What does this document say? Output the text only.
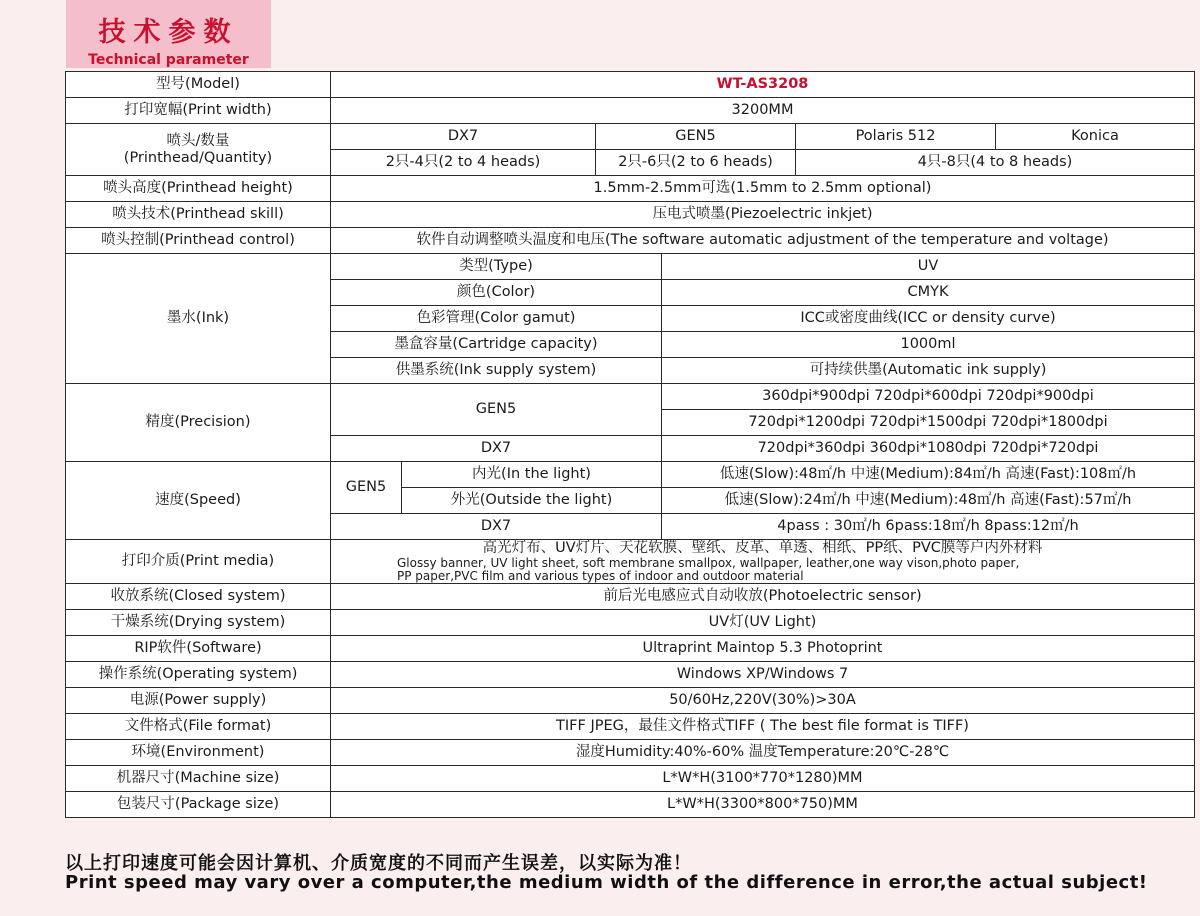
技术参数
Technical parameter
型号(Model)	WT-AS3208					
打印宽幅(Print width)	3200MM					
喷头/数量
(Printhead/Quantity)	DX7		GEN5		Polaris 512	Konica
	2只-4只(2 to 4 heads)		2只-6只(2 to 6 heads)		4只-8只(4 to 8 heads)	
喷头高度(Printhead height)	1.5mm-2.5mm可选(1.5mm to 2.5mm optional)					
喷头技术(Printhead skill)	压电式喷墨(Piezoelectric inkjet)					
喷头控制(Printhead control)	软件自动调整喷头温度和电压(The software automatic adjustment of the temperature and voltage)					
墨水(Ink)	类型(Type)			UV		
	颜色(Color)			CMYK		
	色彩管理(Color gamut)			ICC或密度曲线(ICC or density curve)		
	墨盒容量(Cartridge capacity)			1000ml		
	供墨系统(Ink supply system)			可持续供墨(Automatic ink supply)		
精度(Precision)	GEN5			360dpi*900dpi 720dpi*600dpi 720dpi*900dpi		
				720dpi*1200dpi 720dpi*1500dpi 720dpi*1800dpi		
	DX7			720dpi*360dpi 360dpi*1080dpi 720dpi*720dpi		
速度(Speed)	GEN5	内光(In the light)		低速(Slow):48㎡/h 中速(Medium):84㎡/h 高速(Fast):108㎡/h		
		外光(Outside the light)		低速(Slow):24㎡/h 中速(Medium):48㎡/h 高速(Fast):57㎡/h		
	DX7			4pass : 30㎡/h 6pass:18㎡/h 8pass:12㎡/h		
打印介质(Print media)	高光灯布、UV灯片、天花软膜、壁纸、皮革、单透、相纸、PP纸、PVC膜等户内外材料
Glossy banner, UV light sheet, soft membrane smallpox, wallpaper, leather,one way vison,photo paper,
PP paper,PVC film and various types of indoor and outdoor material					

收放系统(Closed system)	前后光电感应式自动收放(Photoelectric sensor)					
干燥系统(Drying system)	UV灯(UV Light)					
RIP软件(Software)	Ultraprint Maintop 5.3 Photoprint					
操作系统(Operating system)	Windows XP/Windows 7					
电源(Power supply)	50/60Hz,220V(30%)>30A					
文件格式(File format)	TIFF JPEG，最佳文件格式TIFF ( The best file format is TIFF)					
环境(Environment)	湿度Humidity:40%-60% 温度Temperature:20℃-28℃					
机器尺寸(Machine size)	L*W*H(3100*770*1280)MM					
包装尺寸(Package size)	L*W*H(3300*800*750)MM					
以上打印速度可能会因计算机、介质宽度的不同而产生误差，以实际为准！
Print speed may vary over a computer,the medium width of the difference in error,the actual subject!
